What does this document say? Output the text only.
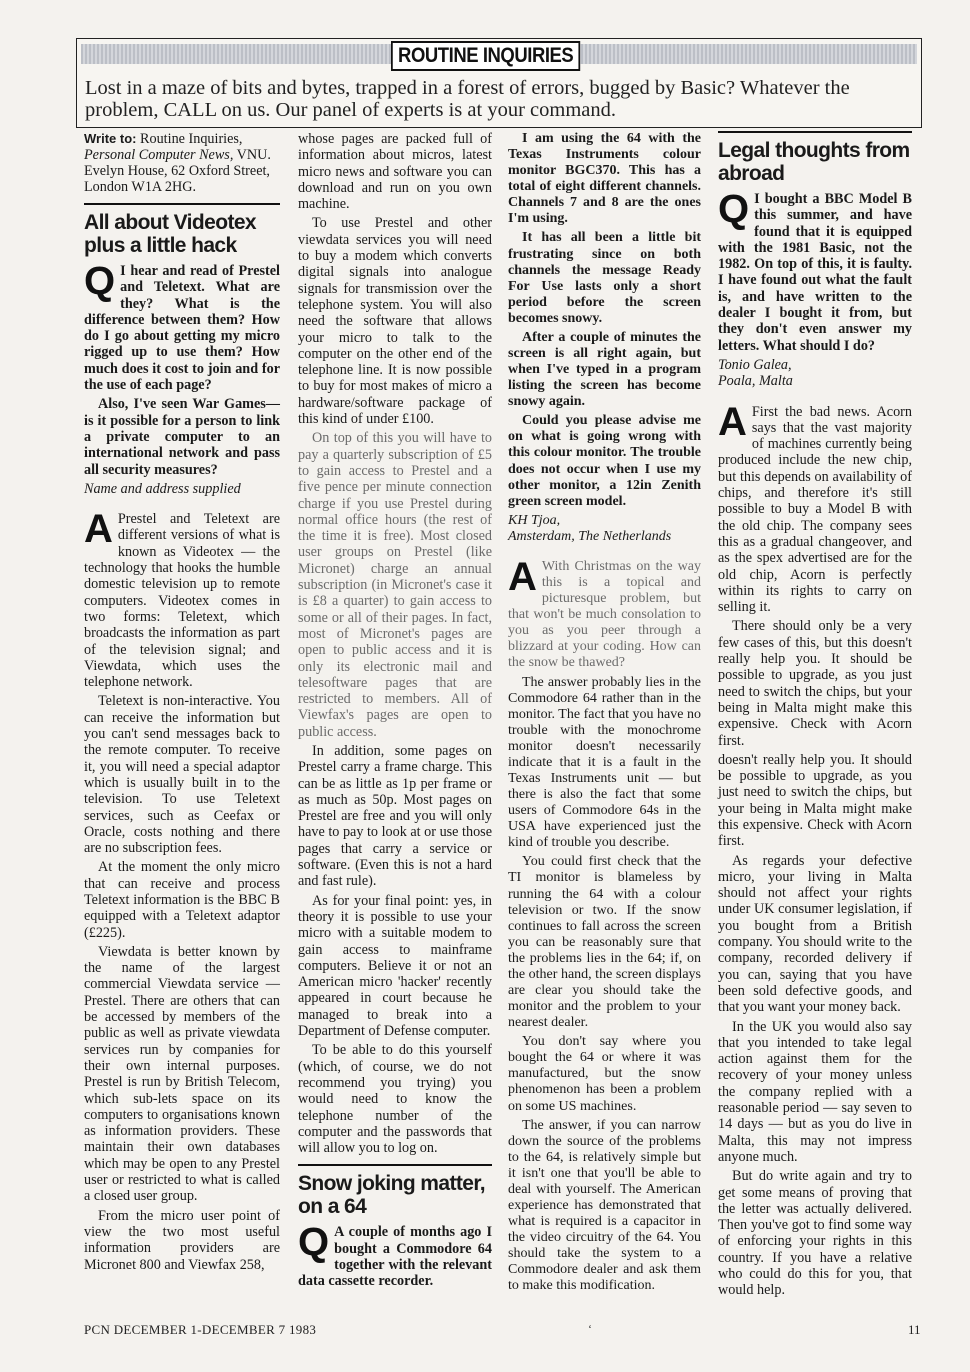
ROUTINE INQUIRIES
Lost in a maze of bits and bytes, trapped in a forest of errors, bugged by Basic? Whatever the problem, CALL on us. Our panel of experts is at your command.
Write to: Routine Inquiries, Personal Computer News, VNU. Evelyn House, 62 Oxford Street, London W1A 2HG.
All about Videotex plus a little hack
Q I hear and read of Prestel and Teletext. What are they? What is the difference between them? How do I go about getting my micro rigged up to use them? How much does it cost to join and for the use of each page?

Also, I've seen War Games—is it possible for a person to link a private computer to an international network and pass all security measures?

Name and address supplied
A Prestel and Teletext are different versions of what is known as Videotex — the technology that hooks the humble domestic television up to remote computers. Videotex comes in two forms: Teletext, which broadcasts the information as part of the television signal; and Viewdata, which uses the telephone network.

Teletext is non-interactive. You can receive the information but you can't send messages back to the remote computer. To receive it, you will need a special adaptor which is usually built in to the television. To use Teletext services, such as Ceefax or Oracle, costs nothing and there are no subscription fees.

At the moment the only micro that can receive and process Teletext information is the BBC B equipped with a Teletext adaptor (£225).

Viewdata is better known by the name of the largest commercial Viewdata service — Prestel. There are others that can be accessed by members of the public as well as private viewdata services run by companies for their own internal purposes. Prestel is run by British Telecom, which sub-lets space on its computers to organisations known as information providers. These maintain their own databases which may be open to any Prestel user or restricted to what is called a closed user group.

From the micro user point of view the two most useful information providers are Micronet 800 and Viewfax 258,

whose pages are packed full of information about micros, latest micro news and software you can download and run on you own machine.

To use Prestel and other viewdata services you will need to buy a modem which converts digital signals into analogue signals for transmission over the telephone system. You will also need the software that allows your micro to talk to the computer on the other end of the telephone line. It is now possible to buy for most makes of micro a hardware/software package of this kind of under £100.

On top of this you will have to pay a quarterly subscription of £5 to gain access to Prestel and a five pence per minute connection charge if you use Prestel during normal office hours (the rest of the time it is free). Most closed user groups on Prestel (like Micronet) charge an annual subscription (in Micronet's case it is £8 a quarter) to gain access to some or all of their pages. In fact, most of Micronet's pages are open to public access and it is only its electronic mail and telesoftware pages that are restricted to members. All of Viewfax's pages are open to public access.

In addition, some pages on Prestel carry a frame charge. This can be as little as 1p per frame or as much as 50p. Most pages on Prestel are free and you will only have to pay to look at or use those pages that carry a service or software. (Even this is not a hard and fast rule).

As for your final point: yes, in theory it is possible to use your micro with a suitable modem to gain access to mainframe computers. Believe it or not an American micro 'hacker' recently appeared in court because he managed to break into a Department of Defense computer.

To be able to do this yourself (which, of course, we do not recommend you trying) you would need to know the telephone number of the computer and the passwords that will allow you to log on.

Snow joking matter, on a 64
Q A couple of months ago I bought a Commodore 64 together with the relevant data cassette recorder.

I am using the 64 with the Texas Instruments colour monitor BGC370. This has a total of eight different channels. Channels 7 and 8 are the ones I'm using.

It has all been a little bit frustrating since on both channels the message Ready For Use lasts only a short period before the screen becomes snowy.

After a couple of minutes the screen is all right again, but when I've typed in a program listing the screen has become snowy again.

Could you please advise me on what is going wrong with this colour monitor. The trouble does not occur when I use my other monitor, a 12in Zenith green screen model.

KH Tjoa,
Amsterdam, The Netherlands
A With Christmas on the way this is a topical and picturesque problem, but that won't be much consolation to you as you peer through a blizzard at your coding. How can the snow be thawed?

The answer probably lies in the Commodore 64 rather than in the monitor. The fact that you have no trouble with the monochrome monitor doesn't necessarily indicate that it is a fault in the Texas Instruments unit — but there is also the fact that some users of Commodore 64s in the USA have experienced just the kind of trouble you describe.

You could first check that the TI monitor is blameless by running the 64 with a colour television or two. If the snow continues to fall across the screen you can be reasonably sure that the problems lies in the 64; if, on the other hand, the screen displays are clear you should take the monitor and the problem to your nearest dealer.

You don't say where you bought the 64 or where it was manufactured, but the snow phenomenon has been a problem on some US machines.

The answer, if you can narrow down the source of the problems to the 64, is relatively simple but it isn't one that you'll be able to deal with yourself. The American experience has demonstrated that what is required is a capacitor in the video circuitry of the 64. You should take the system to a Commodore dealer and ask them to make this modification.

Legal thoughts from abroad
Q I bought a BBC Model B this summer, and have found that it is equipped with the 1981 Basic, not the 1982. On top of this, it is faulty. I have found out what the fault is, and have written to the dealer I bought it from, but they don't even answer my letters. What should I do?

Tonio Galea,
Poala, Malta
A First the bad news. Acorn says that the vast majority of machines currently being produced include the new chip, but this depends on availability of chips, and therefore it's still possible to buy a Model B with the old chip. The company sees this as a gradual changeover, and as the spex advertised are for the old chip, Acorn is perfectly within its rights to carry on selling it.

There should only be a very few cases of this, but this doesn't really help you. It should be possible to upgrade, as you just need to switch the chips, but your being in Malta might make this expensive. Check with Acorn first.

doesn't really help you. It should be possible to upgrade, as you just need to switch the chips, but your being in Malta might make this expensive. Check with Acorn first.

As regards your defective micro, your living in Malta should not affect your rights under UK consumer legislation, if you bought from a British company. You should write to the company, recorded delivery if you can, saying that you have been sold defective goods, and that you want your money back.

In the UK you would also say that you intended to take legal action against them for the recovery of your money unless the company replied with a reasonable period — say seven to 14 days — but as you do live in Malta, this may not impress anyone much.

But do write again and try to get some means of proving that the letter was actually delivered. Then you've got to find some way of enforcing your rights in this country. If you have a relative who could do this for you, that would help.

PCN DECEMBER 1-DECEMBER 7 1983	ʻ	11
